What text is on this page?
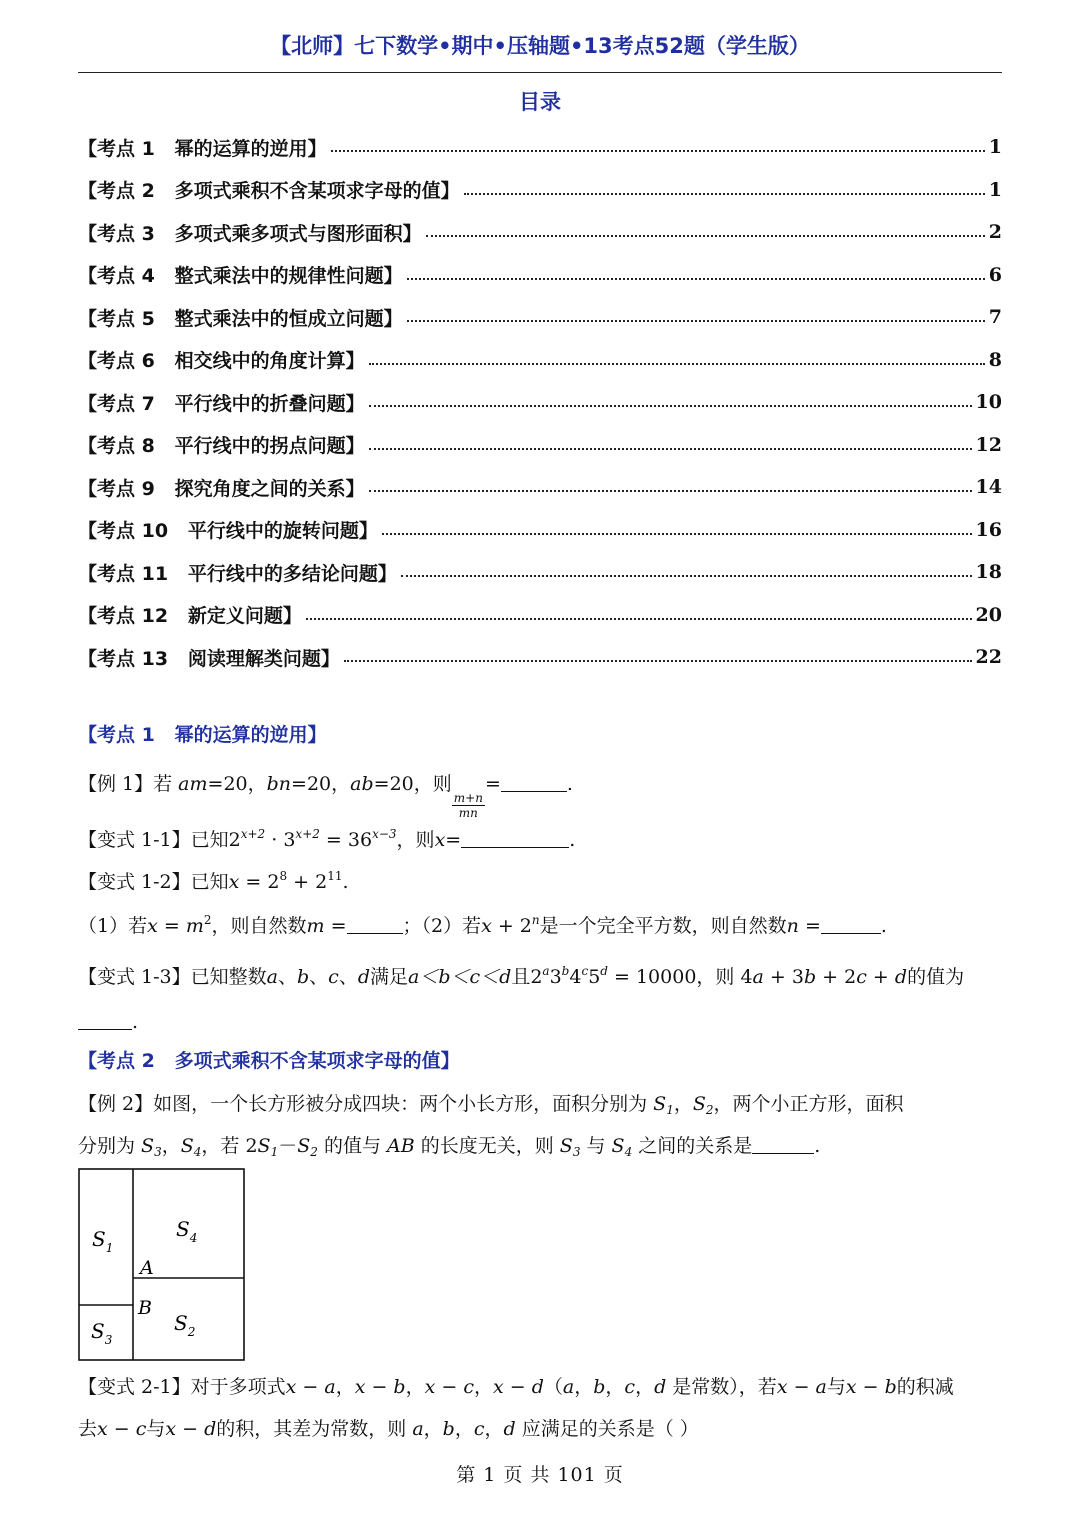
【北师】七下数学•期中•压轴题•13考点52题（学生版）
目录
【考点 1   幂的运算的逆用】	1
【考点 2   多项式乘积不含某项求字母的值】	1
【考点 3   多项式乘多项式与图形面积】	2
【考点 4   整式乘法中的规律性问题】	6
【考点 5   整式乘法中的恒成立问题】	7
【考点 6   相交线中的角度计算】	8
【考点 7   平行线中的折叠问题】	10
【考点 8   平行线中的拐点问题】	12
【考点 9   探究角度之间的关系】	14
【考点 10   平行线中的旋转问题】	16
【考点 11   平行线中的多结论问题】	18
【考点 12   新定义问题】	20
【考点 13   阅读理解类问题】	22
【考点 1   幂的运算的逆用】
【例 1】若 am=20，bn=20，ab=20，则
$\frac{m+n}{mn}$
=	.
【变式 1-1】已知$2^{x+2} \cdot 3^{x+2} = 36^{x-3}$，则x=	.
【变式 1-2】已知$x = 2^8 + 2^{11}$.
（1）若$x = m^2$，则自然数m =	；（2）若$x + 2^n$是一个完全平方数，则自然数n =	.
【变式 1-3】已知整数a、b、c、d满足a＜b＜c＜d且$2^a3^b4^c5^d = 10000$，则 4a + 3b + 2c + d的值为
.
【考点 2   多项式乘积不含某项求字母的值】
【例 2】如图，一个长方形被分成四块：两个小长方形，面积分别为 $S_1$，$S_2$，两个小正方形，面积
分别为 $S_3$，$S_4$，若 $2S_1-S_2$ 的值与 AB 的长度无关，则 $S_3$ 与 $S_4$ 之间的关系是	.
$S_1$
$S_4$
A
B
$S_2$
$S_3$
【变式 2-1】对于多项式x − a，x − b，x − c，x − d（a，b，c，d 是常数），若x − a与x − b的积减
去x − c与x − d的积，其差为常数，则 a，b，c，d 应满足的关系是（ ）
第 1 页 共 101 页
